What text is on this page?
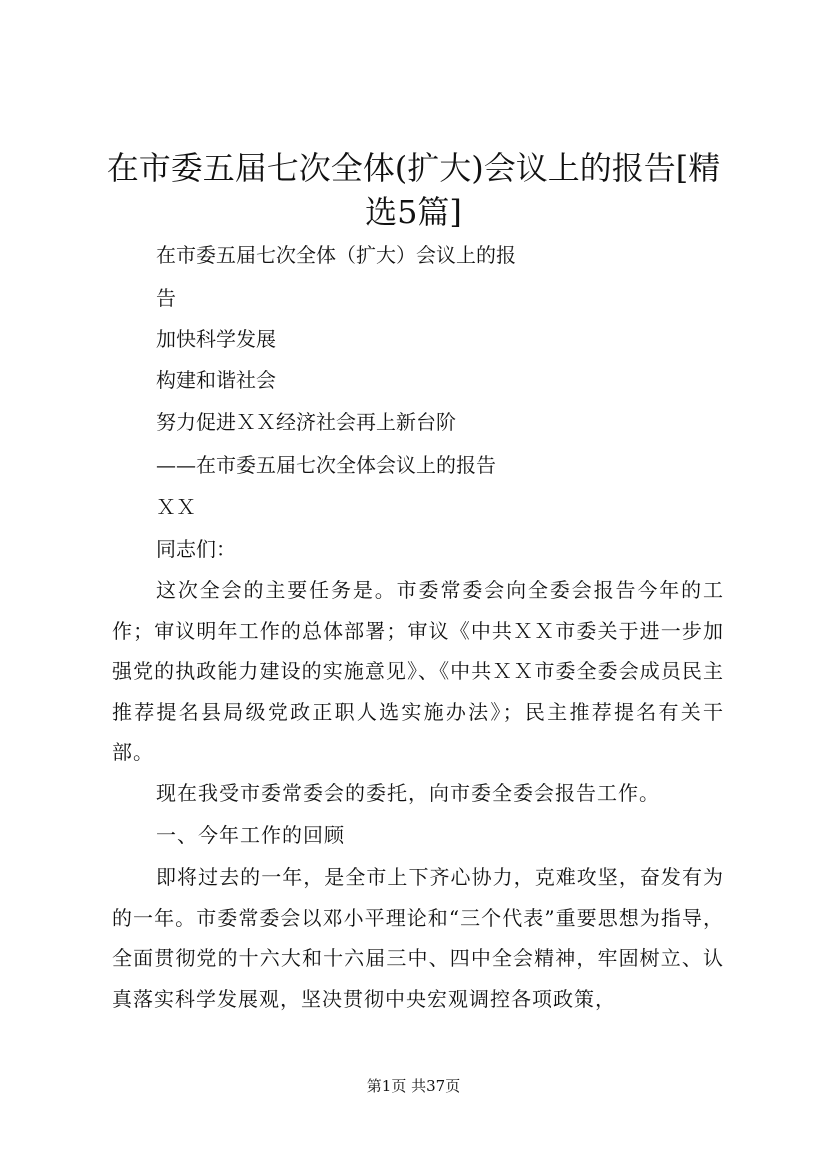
在市委五届七次全体(扩大)会议上的报告[精选5篇]

在市委五届七次全体（扩大）会议上的报

告

加快科学发展

构建和谐社会

努力促进ＸＸ经济社会再上新台阶

——在市委五届七次全体会议上的报告

ＸＸ

同志们：

这次全会的主要任务是。市委常委会向全委会报告今年的工作；审议明年工作的总体部署；审议《中共ＸＸ市委关于进一步加强党的执政能力建设的实施意见》、《中共ＸＸ市委全委会成员民主推荐提名县局级党政正职人选实施办法》；民主推荐提名有关干部。

现在我受市委常委会的委托，向市委全委会报告工作。

一、今年工作的回顾

即将过去的一年，是全市上下齐心协力，克难攻坚，奋发有为的一年。市委常委会以邓小平理论和“三个代表”重要思想为指导，全面贯彻党的十六大和十六届三中、四中全会精神，牢固树立、认真落实科学发展观，坚决贯彻中央宏观调控各项政策，

第1页 共37页
